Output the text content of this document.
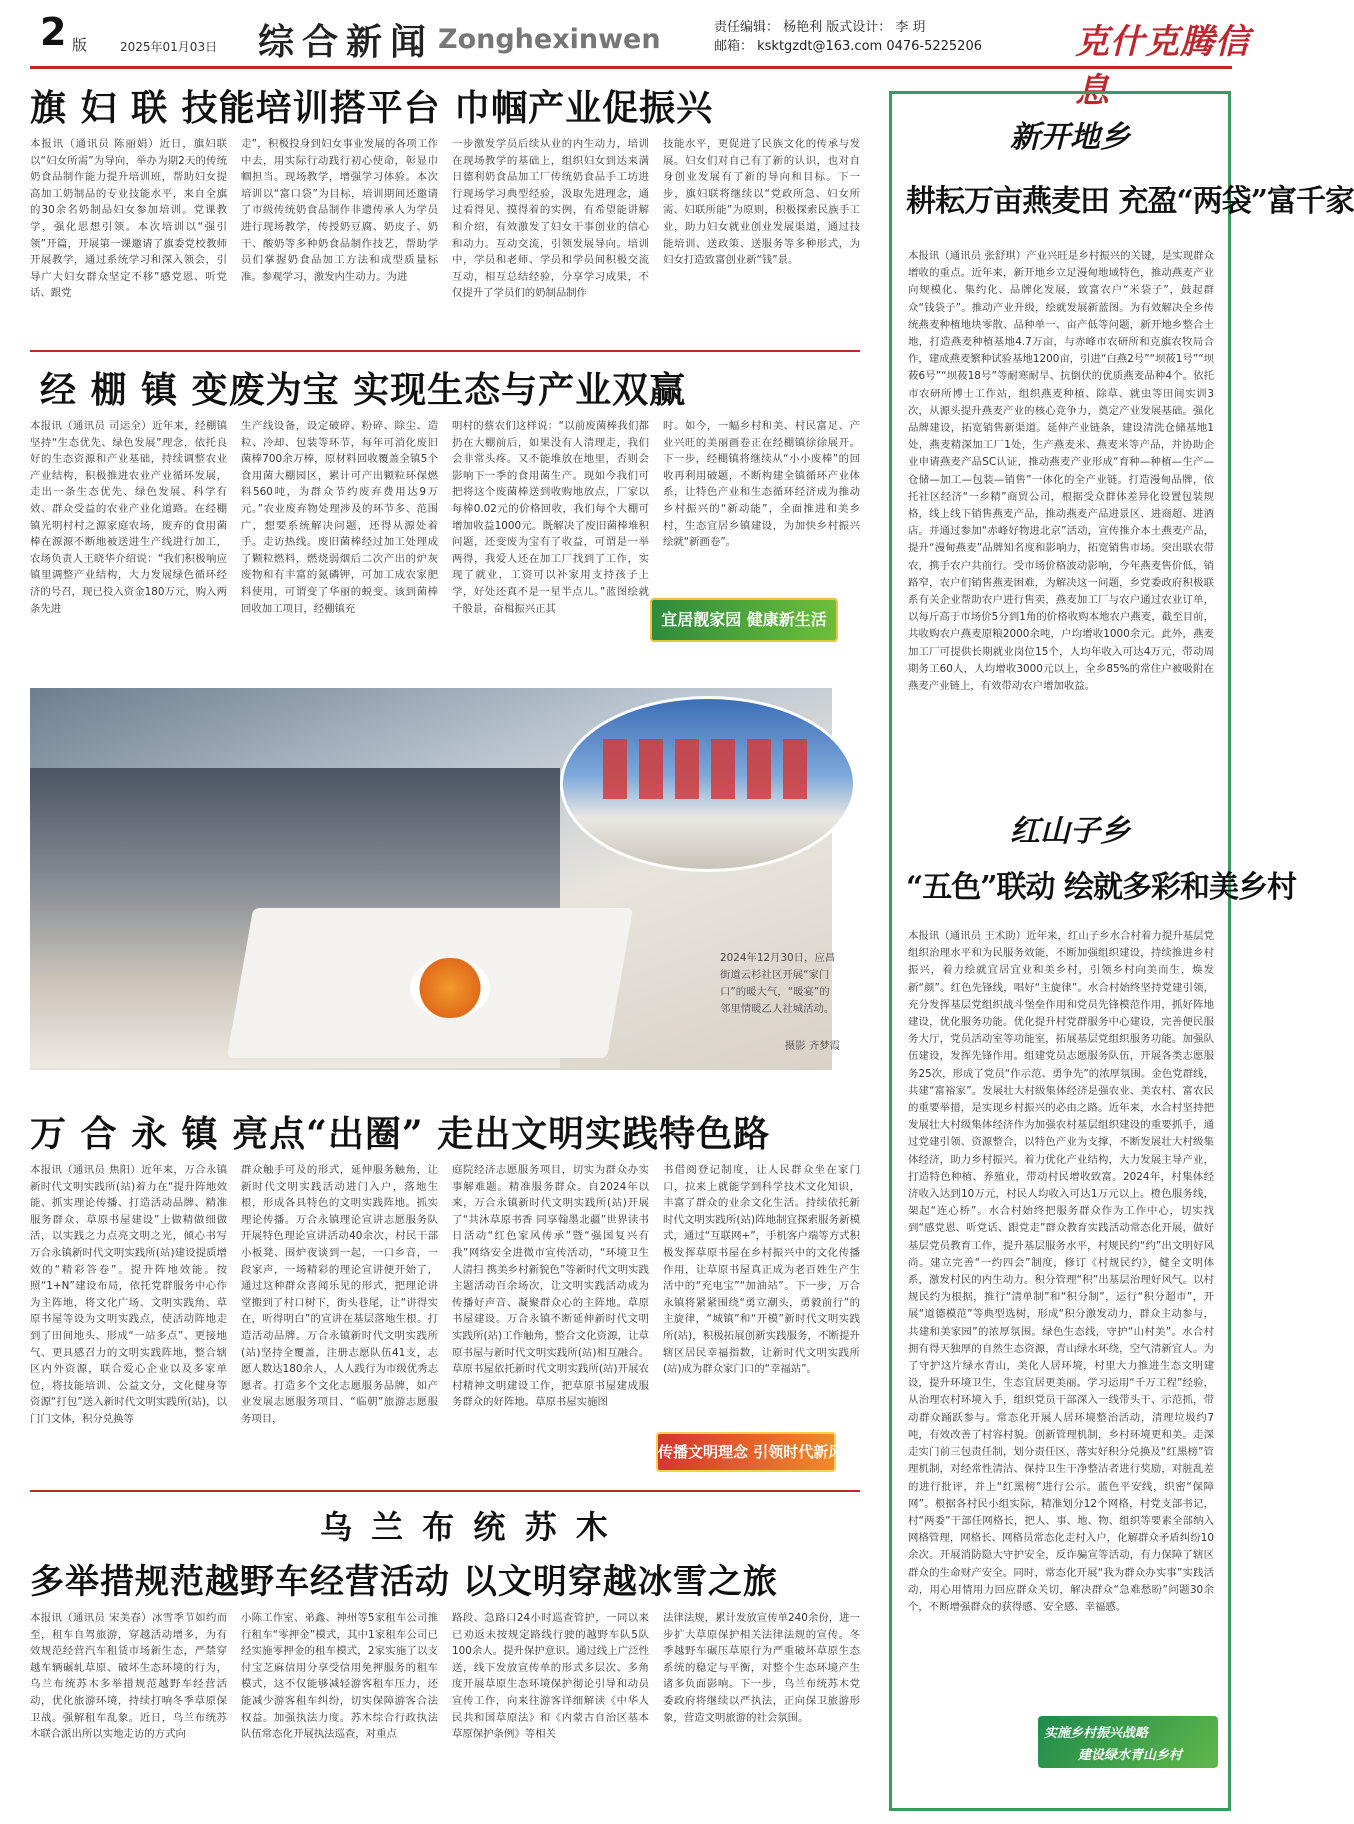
2 版	2025年01月03日 综合新闻 Zonghexinwen	责任编辑： 杨艳利 版式设计： 李 玥
邮箱： ksktgzdt@163.com 0476-5225206	克什克腾信息
旗 妇 联 技能培训搭平台 巾帼产业促振兴
本报讯（通讯员 陈丽娟）近日，旗妇联以“妇女所需”为导向，举办为期2天的传统奶食品制作能力提升培训班，帮助妇女提高加工奶制品的专业技能水平，来自全旗的30余名奶制品妇女参加培训。党课教学，强化思想引领。本次培训以“强引领”开篇，开展第一课邀请了旗委党校教师开展教学，通过系统学习和深入领会，引导广大妇女群众坚定不移”感党恩、听党话、跟党
走”，积极投身到妇女事业发展的各项工作中去，用实际行动践行初心使命，彰显巾帼担当。现场教学，增强学习体验。本次培训以“富口袋”为目标，培训期间还邀请了市级传统奶食品制作非遗传承人为学员进行现场教学，传授奶豆腐、奶皮子、奶干、酸奶等多种奶食品制作技艺，帮助学员们掌握奶食品加工方法和成型质量标准。参观学习，激发内生动力。为进
一步激发学员后续从业的内生动力，培训在现场教学的基础上，组织妇女到达来满日德利奶食品加工厂传统奶食品手工坊进行现场学习典型经验，汲取先进理念，通过看得见、摸得着的实例，有希望能讲解和介绍，有效激发了妇女干事创业的信心和动力。互动交流，引领发展导向。培训中，学员和老师、学员和学员间积极交流互动，相互总结经验，分享学习成果，不仅提升了学员们的奶制品制作
技能水平，更促进了民族文化的传承与发展。妇女们对自己有了新的认识，也对自身创业发展有了新的导向和目标。下一步，旗妇联将继续以“党政所急、妇女所需、妇联所能”为原则，积极探索民族手工业，助力妇女就业创业发展渠道，通过技能培训、送政策、送服务等多种形式，为妇女打造致富创业新“钱”景。
经 棚 镇 变废为宝 实现生态与产业双赢
本报讯（通讯员 司运全）近年来，经棚镇坚持“生态优先、绿色发展”理念，依托良好的生态资源和产业基础，持续调整农业产业结构，积极推进农业产业循环发展，走出一条生态优先、绿色发展、科学有效、群众受益的农业产业化道路。在经棚镇光明村村之源家庭农场，废弃的食用菌棒在源源不断地被送进生产线进行加工，农场负责人王晓华介绍说：“我们积极响应镇里调整产业结构，大力发展绿色循环经济的号召，现已投入资金180万元，购入两条先进
生产线设备，设定破碎、粉碎、除尘、造粒、冷却、包装等环节，每年可消化废旧菌棒700余万棒，原材料回收覆盖全镇5个食用菌大棚园区，累计可产出颗粒环保燃料560吨，为群众节约废弃费用达9万元。”农业废弃物处理涉及的环节多、范围广，想要系统解决问题，还得从源处着手。走访热线。废旧菌棒经过加工处理成了颗粒燃料，燃烧弱烟后二次产出的炉灰废物和有丰富的氮磷钾，可加工成农家肥料使用，可谓变了华丽的蜕变。该到菌棒回收加工项目，经棚镇充
明村的蔡农们这样说：“以前废菌棒我们都扔在大棚前后，如果没有人清理走，我们会非常头疼。又不能堆放在地里，否则会影响下一季的食用菌生产。现如今我们可把将这个废菌棒送到收购地放点，厂家以每棒0.02元的价格回收，我们每个大棚可增加收益1000元。既解决了废旧菌棒堆积问题，还变废为宝有了收益，可谓是一举两得，我爱人还在加工厂找到了工作，实现了就业，工资可以补家用支持孩子上学，好处还真不是一星半点儿。”蓝图绘就千般景，奋楫振兴正其
时。如今，一幅乡村和美、村民富足、产业兴旺的美丽画卷正在经棚镇徐徐展开。下一步，经棚镇将继续从“小小废棒”的回收再利用破题，不断构建全镇循环产业体系，让特色产业和生态循环经济成为推动乡村振兴的“新动能”，全面推进和美乡村，生态宜居乡镇建设，为加快乡村振兴绘就“新画卷”。
宜居靓家园 健康新生活
2024年12月30日，应昌街道云杉社区开展“家门口”的暖大气，“暖宴”的邻里情暖乙人社城活动。
摄影 齐梦霞
万 合 永 镇 亮点“出圈” 走出文明实践特色路
本报讯（通讯员 焦阳）近年来，万合永镇新时代文明实践所(站)着力在“提升阵地效能、抓实理论传播、打造活动品牌、精准服务群众、草原书屋建设”上做精做细做活，以实践之力点亮文明之光，倾心书写万合永镇新时代文明实践所(站)建设提质增效的“精彩答卷”。提升阵地效能。按照“1+N”建设布局，依托党群服务中心作为主阵地，将文化广场、文明实践角、草原书屋等设为文明实践点，使活动阵地走到了田间地头、形成“一站多点”、更接地气、更具感召力的文明实践阵地，整合辖区内外资源，联合爱心企业以及多家单位，将技能培训、公益文分，文化健身等资源“打包”送入新时代文明实践所(站)，以门门文体，积分兑换等
群众触手可及的形式，延伸服务触角，让新时代文明实践活动进门入户，落地生根，形成各具特色的文明实践阵地。抓实理论传播。万合永镇理论宣讲志愿服务队开展特色理论宣讲活动40余次，村民干部小板凳、围炉夜谈到一起，一口乡音，一段家声，一场精彩的理论宣讲便开始了，通过这种群众喜闻乐见的形式，把理论讲堂搬到了村口树下，街头巷尾，让“讲得实在，听得明白”的宣讲在基层落地生根。打造活动品牌。万合永镇新时代文明实践所(站)坚持全覆盖，注册志愿队伍41支，志愿人数达180余人，人人践行为市级优秀志愿者。打造多个文化志愿服务品牌，如产业发展志愿服务项目、“临朝”旅游志愿服务项目，
庭院经济志愿服务项目，切实为群众办实事解难题。精准服务群众。自2024年以来，万合永镇新时代文明实践所(站)开展了“共沐草原书香 同享翰墨北疆”世界读书日活动“红色家风传承”暨“强国复兴有我”网络安全进微市宣传活动，“环境卫生人清扫 携美乡村新貌色”等新时代文明实践主题活动百余场次，让文明实践活动成为传播好声音、凝聚群众心的主阵地。草原书屋建设。万合永镇不断延伸新时代文明实践所(站)工作触角，整合文化资源，让草原书屋与新时代文明实践所(站)相互融合。草原书屋依托新时代文明实践所(站)开展农村精神文明建设工作，把草原书屋建成服务群众的好阵地。草原书屋实施图
书借阅登记制度，让人民群众坐在家门口，拉来上就能学到科学技术文化知识，丰富了群众的业余文化生活。持续依托新时代文明实践所(站)阵地制宜探索服务新模式，通过“互联网+”，手机客户端等方式积极发挥草原书屋在乡村振兴中的文化传播作用，让草原书屋真正成为老百姓生产生活中的“充电宝”“加油站”。下一步，万合永镇将紧紧围绕“勇立潮头，勇毅前行”的主旋律，“城镇”和“开模”新时代文明实践所(站)，积极拓展创新实践服务，不断提升辖区居民幸福指数，让新时代文明实践所(站)成为群众家门口的“幸福站”。
传播文明理念 引领时代新风
乌 兰 布 统 苏 木
多举措规范越野车经营活动 以文明穿越冰雪之旅
本报讯（通讯员 宋美春）冰雪季节如约而至，租车自驾旅游，穿越活动增多，为有效规范经营汽车租赁市场新生态，严禁穿越车辆碾轧草原、破坏生态环境的行为，乌兰布统苏木多举措规范越野车经营活动，优化旅游环境，持续打响冬季草原保卫战。强解租车乱象。近日，乌兰布统苏木联合派出所以实地走访的方式向
小陈工作室、弟鑫、神州等5家租车公司推行租车“零押金”模式，其中1家租车公司已经实施零押金的租车模式，2家实施了以支付宝芝麻信用分享受信用免押服务的租车模式，这不仅能够减轻游客租车压力，还能减少游客租车纠纷，切实保障游客合法权益。加强执法力度。苏木综合行政执法队伍常态化开展执法巡查，对重点
路段、急路口24小时巡查管护，一同以来已劝返未按规定路线行驶的越野车队5队100余人。提升保护意识。通过线上广泛性送，线下发放宣传单的形式多层次、多角度开展草原生态环境保护彻论引导和动员宣传工作，向来往游客详细解读《中华人民共和国草原法》和《内蒙古自治区基本草原保护条例》等相关
法律法规，累计发放宣传单240余份，进一步扩大草原保护相关法律法规的宣传。冬季越野车碾压草原行为严重破坏草原生态系统的稳定与平衡，对整个生态环境产生诸多负面影响。下一步，乌兰布统苏木党委政府将继续以严执法，正向保卫旅游形象，营造文明旅游的社会氛围。
新开地乡
耕耘万亩燕麦田 充盈“两袋”富千家
本报讯（通讯员 张舒琪）产业兴旺是乡村振兴的关键，是实现群众增收的重点。近年来，新开地乡立足漫甸地域特色，推动燕麦产业向规模化、集约化、品牌化发展，致富农户“米袋子”，鼓起群众“钱袋子”。推动产业升级，绘就发展新蓝图。为有效解决全乡传统燕麦种植地块零散、品种单一、亩产低等问题，新开地乡整合土地，打造燕麦种植基地4.7万亩，与赤峰市农研所和克旗农牧局合作，建成燕麦繁种试验基地1200亩，引进“白燕2号”“坝莜1号”“坝莜6号”“坝莜18号”等耐寒耐旱、抗倒伏的优质燕麦品种4个。依托市农研所博士工作站，组织燕麦种植、除草、就虫等田间实训3次，从源头提升燕麦产业的核心竞争力，奠定产业发展基础。强化品牌建设，拓宽销售新渠道。延伸产业链条，建设清洗仓储基地1处，燕麦精深加工厂1处，生产燕麦米、燕麦米等产品，并协助企业申请燕麦产品SC认证，推动燕麦产业形成“育种—种植—生产—仓储—加工—包装—销售”一体化的全产业链。打造漫甸品牌，依托社区经济“一乡精”商贸公司，根据受众群体差异化设置包装规格，线上线下销售燕麦产品，推动燕麦产品进景区、进商超、进酒店。并通过参加“赤峰好物进北京”活动，宣传推介本土燕麦产品，提升“漫甸燕麦”品牌知名度和影响力，拓宽销售市场。突出联农带农，携手农户共前行。受市场价格波动影响，今年燕麦售价低，销路窄，农户们销售燕麦困难，为解决这一问题，乡党委政府积极联系有关企业帮助农户进行售卖，燕麦加工厂与农户通过农业订单，以每斤高于市场价5分到1角的价格收购本地农户燕麦，截至目前，共收购农户燕麦原粮2000余吨，户均增收1000余元。此外，燕麦加工厂可提供长期就业岗位15个，人均年收入可达4万元，带动周期务工60人，人均增收3000元以上，全乡85%的常住户被吸附在燕麦产业链上，有效带动农户增加收益。
红山子乡
“五色”联动 绘就多彩和美乡村
本报讯（通讯员 王术助）近年来，红山子乡水合村着力提升基层党组织治理水平和为民服务效能，不断加强组织建设，持续推进乡村振兴，着力绘就宜居宜业和美乡村，引领乡村向美而生，焕发新“颜”。红色先锋线，唱好“主旋律”。水合村始终坚持党建引领，充分发挥基层党组织战斗堡垒作用和党员先锋模范作用，抓好阵地建设，优化服务功能。优化提升村党群服务中心建设，完善便民服务大厅，党员活动室等功能室，拓展基层党组织服务功能。加强队伍建设，发挥先锋作用。组建党员志愿服务队伍，开展各类志愿服务25次，形成了党员“作示范、勇争先”的浓厚氛围。金色党群线，共建“富裕家”。发展壮大村级集体经济是强农业、美农村、富农民的重要举措，是实现乡村振兴的必由之路。近年来，水合村坚持把发展壮大村级集体经济作为加强农村基层组织建设的重要抓手，通过党建引领、资源整合，以特色产业为支撑，不断发展壮大村级集体经济，助力乡村振兴。着力优化产业结构，大力发展主导产业，打造特色种植、养殖业，带动村民增收致富。2024年，村集体经济收入达到10万元，村民人均收入可达1万元以上。橙色服务线，架起“连心桥”。水合村始终把服务群众作为工作中心，切实找到“感党恩、听党话、跟党走”群众教育实践活动常态化开展，做好基层党员教育工作，提升基层服务水平，村规民约“约”出文明好风尚。建立完善“一约四会”制度，修订《村规民约》，健全文明体系，激发村民的内生动力。积分管理“积”出基层治理好风气。以村规民约为根据，推行“清单制”和“积分制”，运行“积分超市”，开展“道德模范”等典型选树，形成“积分激发动力，群众主动参与，共建和美家园”的浓厚氛围。绿色生态线，守护“山村美”。水合村拥有得天独厚的自然生态资源，青山绿水环绕，空气清新宜人。为了守护这片绿水青山，美化人居环境，村里大力推进生态文明建设，提升环境卫生，生态宜居更美丽。学习运用“千万工程”经验，从治理农村环境入手，组织党员干部深入一线带头干、示范抓，带动群众踊跃参与。常态化开展人居环境整治活动，清理垃圾约7吨，有效改善了村容村貌。创新管理机制，乡村环境更和美。走深走实门前三包责任制，划分责任区，落实好积分兑换及“红黑榜”管理机制，对经常性清洁、保持卫生干净整洁者进行奖励，对脏乱差的进行批评，并上“红黑榜”进行公示。蓝色平安线，织密“保障网”。根据各村民小组实际，精准划分12个网格，村党支部书记，村“两委”干部任网格长，把人、事、地、物、组织等要素全部纳入网格管理，网格长、网格员常态化走村入户，化解群众矛盾纠纷10余次。开展消防隐大守护安全，反诈骗宣等活动，有力保障了辖区群众的生命财产安全。同时，常态化开展“我为群众办实事”实践活动，用心用情用力回应群众关切，解决群众“急难愁盼”问题30余个，不断增强群众的获得感、安全感、幸福感。
实施乡村振兴战略
建设绿水青山乡村
